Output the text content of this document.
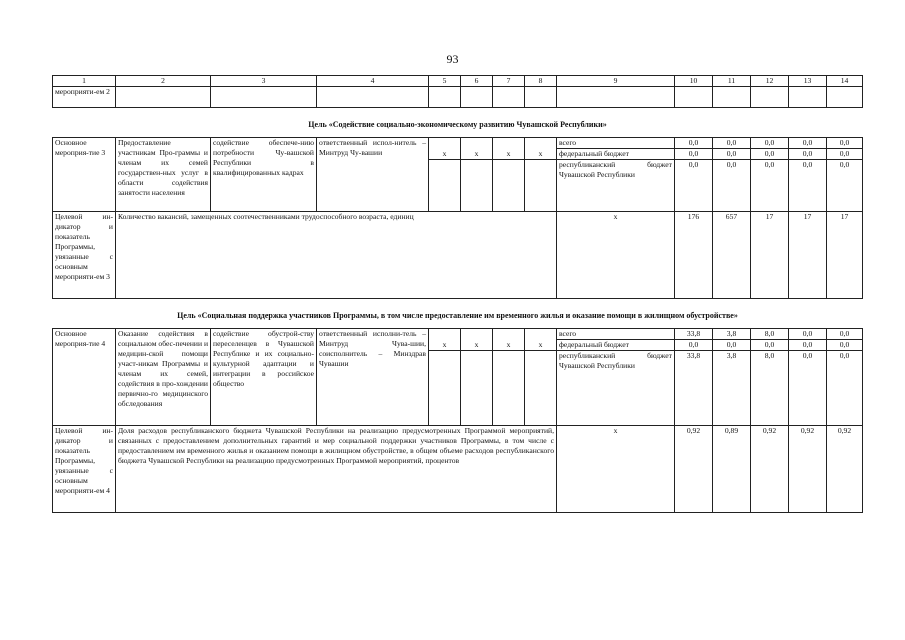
93
1	2	3	4	5	6	7	8	9	10	11	12	13	14
мероприяти-ем 2													
Цель «Содействие социально-экономическому развитию Чувашской Республики»													
Основное мероприя-тие 3	Предоставление участникам Про-граммы и членам их семей государствен-ных услуг в области содействия занятости населения	содействие обеспече-нию потребности Чу-вашской Республики в квалифицированных кадрах	ответственный испол-нитель – Минтруд Чу-вашии					всего	0,0	0,0	0,0	0,0	0,0
				x	x	x	x	федеральный бюджет	0,0	0,0	0,0	0,0	0,0
								республиканский бюджет Чувашской Республики	0,0	0,0	0,0	0,0	0,0
Целевой ин-дикатор и показатель Программы, увязанные с основным мероприяти-ем 3	Количество вакансий, замещенных соотечественниками трудоспособного возраста, единиц							x	176	657	17	17	17
Цель «Социальная поддержка участников Программы, в том числе предоставление им временного жилья и оказание помощи в жилищном обустройстве»													
Основное мероприя-тие 4	Оказание содействия в социальном обес-печении и медицин-ской помощи участ-никам Программы и членам их семей, содействия в про-хождении первично-го медицинского обследования	содействие обустрой-ству переселенцев в Чувашской Республике и их социально-культурной адаптации и интеграции в российское общество	ответственный исполни-тель – Минтруд Чува-шии, соисполнитель – Минздрав Чувашии					всего	33,8	3,8	8,0	0,0	0,0
				x	x	x	x	федеральный бюджет	0,0	0,0	0,0	0,0	0,0
								республиканский бюджет Чувашской Республики	33,8	3,8	8,0	0,0	0,0
Целевой ин-дикатор и показатель Программы, увязанные с основным мероприяти-ем 4	Доля расходов республиканского бюджета Чувашской Республики на реализацию предусмотренных Программой мероприятий, связанных с предоставлением дополнительных гарантий и мер социальной поддержки участников Программы, в том числе с предоставлением им временного жилья и оказанием помощи в жилищном обустройстве, в общем объеме расходов республиканского бюджета Чувашской Республики на реализацию предусмотренных Программой мероприятий, процентов							x	0,92	0,89	0,92	0,92	0,92
